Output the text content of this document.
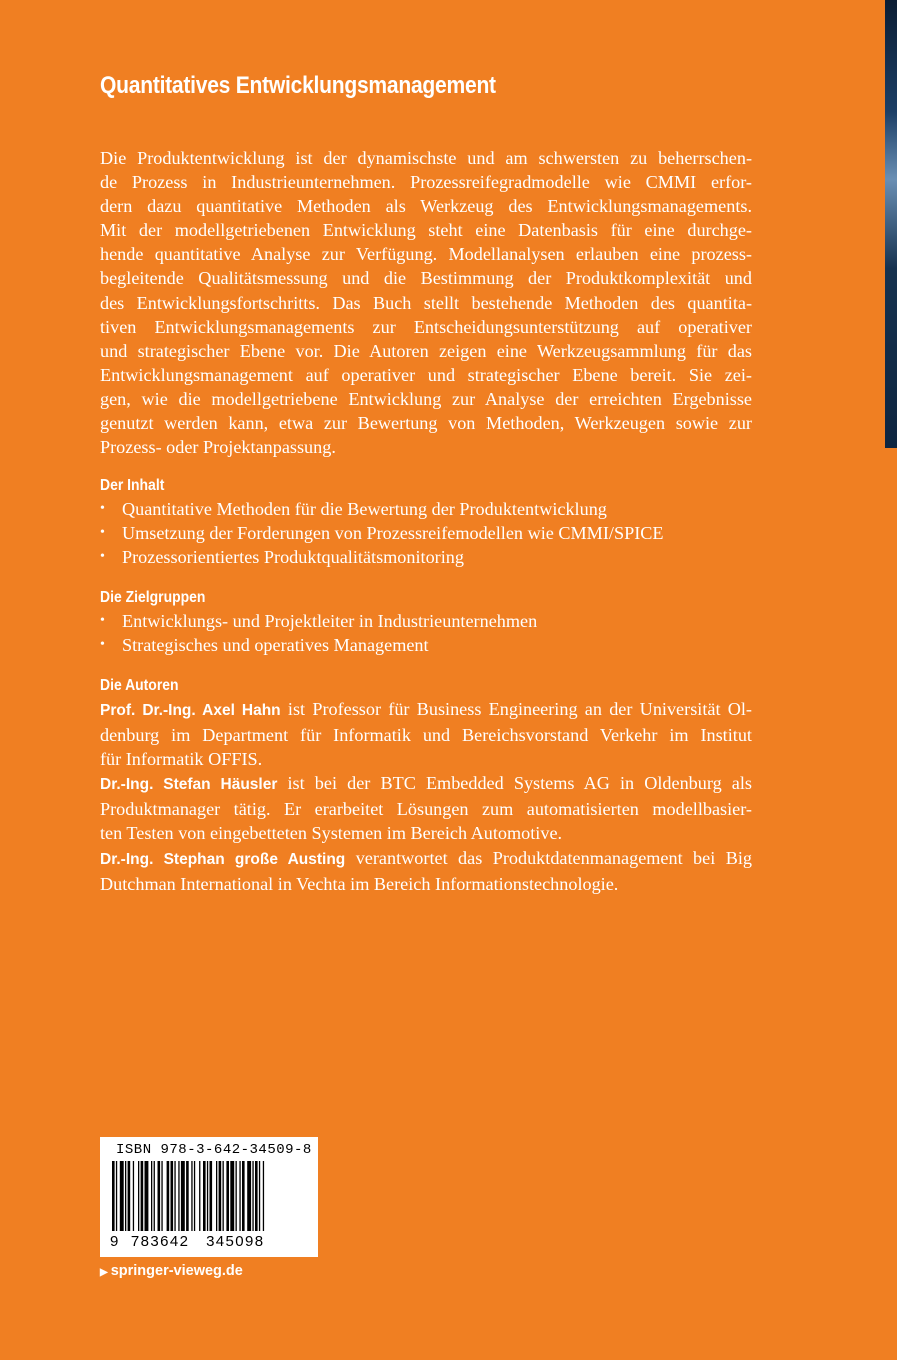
Quantitatives Entwicklungsmanagement
Die Produktentwicklung ist der dynamischste und am schwersten zu beherrschen-
de Prozess in Industrieunternehmen. Prozessreifegradmodelle wie CMMI erfor-
dern dazu quantitative Methoden als Werkzeug des Entwicklungsmanagements.
Mit der modellgetriebenen Entwicklung steht eine Datenbasis für eine durchge-
hende quantitative Analyse zur Verfügung. Modellanalysen erlauben eine prozess-
begleitende Qualitätsmessung und die Bestimmung der Produktkomplexität und
des Entwicklungsfortschritts. Das Buch stellt bestehende Methoden des quantita-
tiven Entwicklungsmanagements zur Entscheidungsunterstützung auf operativer
und strategischer Ebene vor. Die Autoren zeigen eine Werkzeugsammlung für das
Entwicklungsmanagement auf operativer und strategischer Ebene bereit. Sie zei-
gen, wie die modellgetriebene Entwicklung zur Analyse der erreichten Ergebnisse
genutzt werden kann, etwa zur Bewertung von Methoden, Werkzeugen sowie zur
Prozess- oder Projektanpassung.
Der Inhalt
• Quantitative Methoden für die Bewertung der Produktentwicklung
• Umsetzung der Forderungen von Prozessreifemodellen wie CMMI/SPICE
• Prozessorientiertes Produktqualitätsmonitoring
Die Zielgruppen
• Entwicklungs- und Projektleiter in Industrieunternehmen
• Strategisches und operatives Management
Die Autoren
Prof. Dr.-Ing. Axel Hahn ist Professor für Business Engineering an der Universität Ol-
denburg im Department für Informatik und Bereichsvorstand Verkehr im Institut
für Informatik OFFIS.
Dr.-Ing. Stefan Häusler ist bei der BTC Embedded Systems AG in Oldenburg als
Produktmanager tätig. Er erarbeitet Lösungen zum automatisierten modellbasier-
ten Testen von eingebetteten Systemen im Bereich Automotive.
Dr.-Ing. Stephan große Austing verantwortet das Produktdatenmanagement bei Big
Dutchman International in Vechta im Bereich Informationstechnologie.
ISBN 978-3-642-34509-8
9 783642 345098
▶ springer-vieweg.de
